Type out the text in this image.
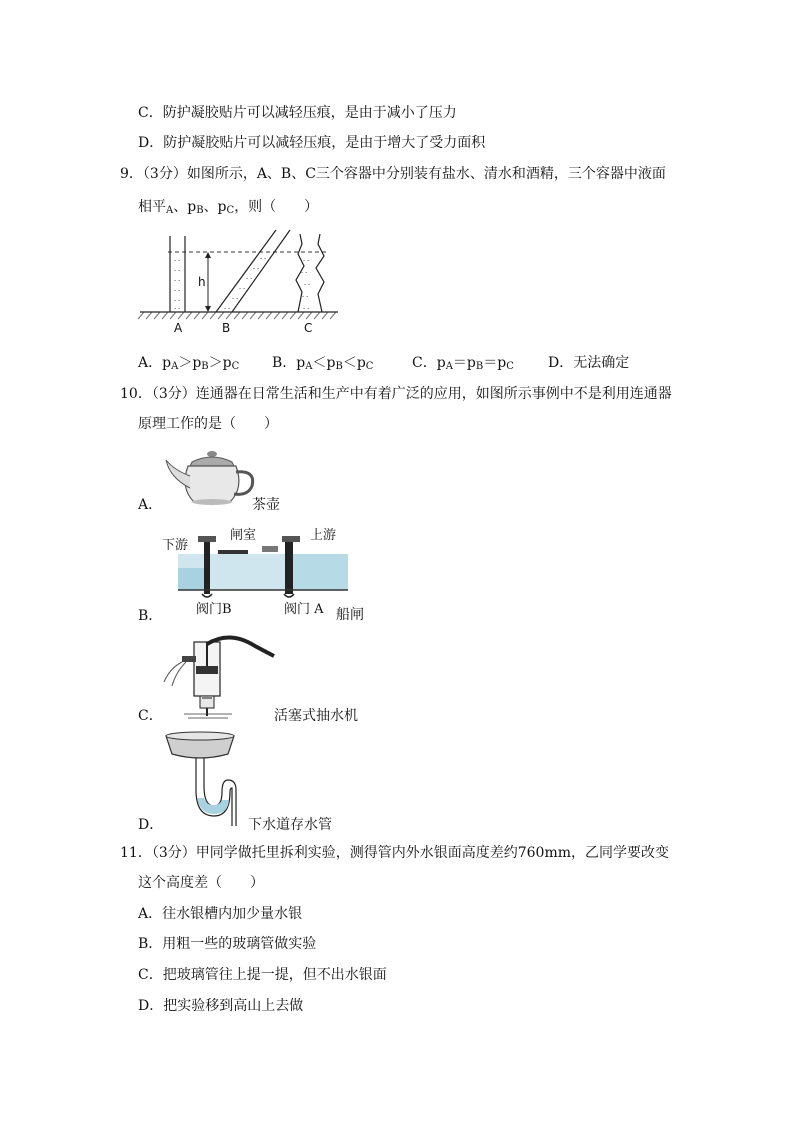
C．防护凝胶贴片可以减轻压痕，是由于减小了压力
D．防护凝胶贴片可以减轻压痕，是由于增大了受力面积
9．（3分）如图所示，A、B、C三个容器中分别装有盐水、清水和酒精，三个容器中液面
相平$_A$、$p_B$、$p_C$，则（　　）
- -
- -
- -
- -
- -
- -
h
- -
- -
- -
- -
- -
- -
- -
- -
- -
- -
- -
A	B	C
A．$p_A>p_B>p_C$ B．$p_A<p_B<p_C$	C．$p_A=p_B=p_C$ D．无法确定
10．（3分）连通器在日常生活和生产中有着广泛的应用，如图所示事例中不是利用连通器
原理工作的是（　　）
A．	茶壶
B．
下游
闸室	上游
阀门B	阀门 A 船闸
C．	活塞式抽水机
D．	下水道存水管
11．（3分）甲同学做托里拆利实验，测得管内外水银面高度差约760mm，乙同学要改变
这个高度差（　　）
A．往水银槽内加少量水银
B．用粗一些的玻璃管做实验
C．把玻璃管往上提一提，但不出水银面
D．把实验移到高山上去做
